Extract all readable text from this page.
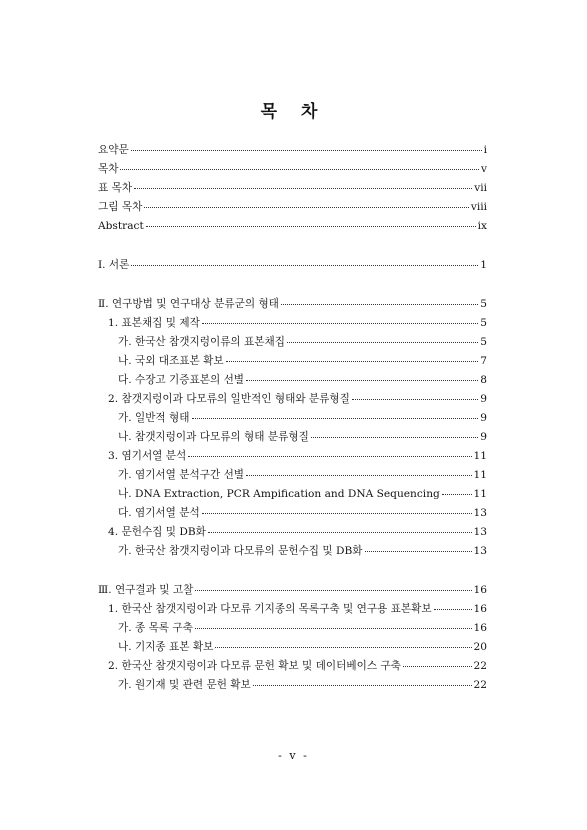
목 차
요약문	i
목차	v
표 목차	vii
그림 목차	viii
Abstract	ix
Ⅰ. 서론	1
Ⅱ. 연구방법 및 연구대상 분류군의 형태	5
1. 표본채집 및 제작	5
가. 한국산 참갯지렁이류의 표본채집	5
나. 국외 대조표본 확보	7
다. 수장고 기증표본의 선별	8
2. 참갯지렁이과 다모류의 일반적인 형태와 분류형질	9
가. 일반적 형태	9
나. 참갯지렁이과 다모류의 형태 분류형질	9
3. 염기서열 분석	11
가. 염기서열 분석구간 선별	11
나. DNA Extraction, PCR Ampification and DNA Sequencing	11
다. 염기서열 분석	13
4. 문헌수집 및 DB화	13
가. 한국산 참갯지렁이과 다모류의 문헌수집 및 DB화	13
Ⅲ. 연구결과 및 고찰	16
1. 한국산 참갯지렁이과 다모류 기지종의 목록구축 및 연구용 표본확보	16
가. 종 목록 구축	16
나. 기지종 표본 확보	20
2. 한국산 참갯지렁이과 다모류 문헌 확보 및 데이터베이스 구축	22
가. 원기재 및 관련 문헌 확보	22
- v -
